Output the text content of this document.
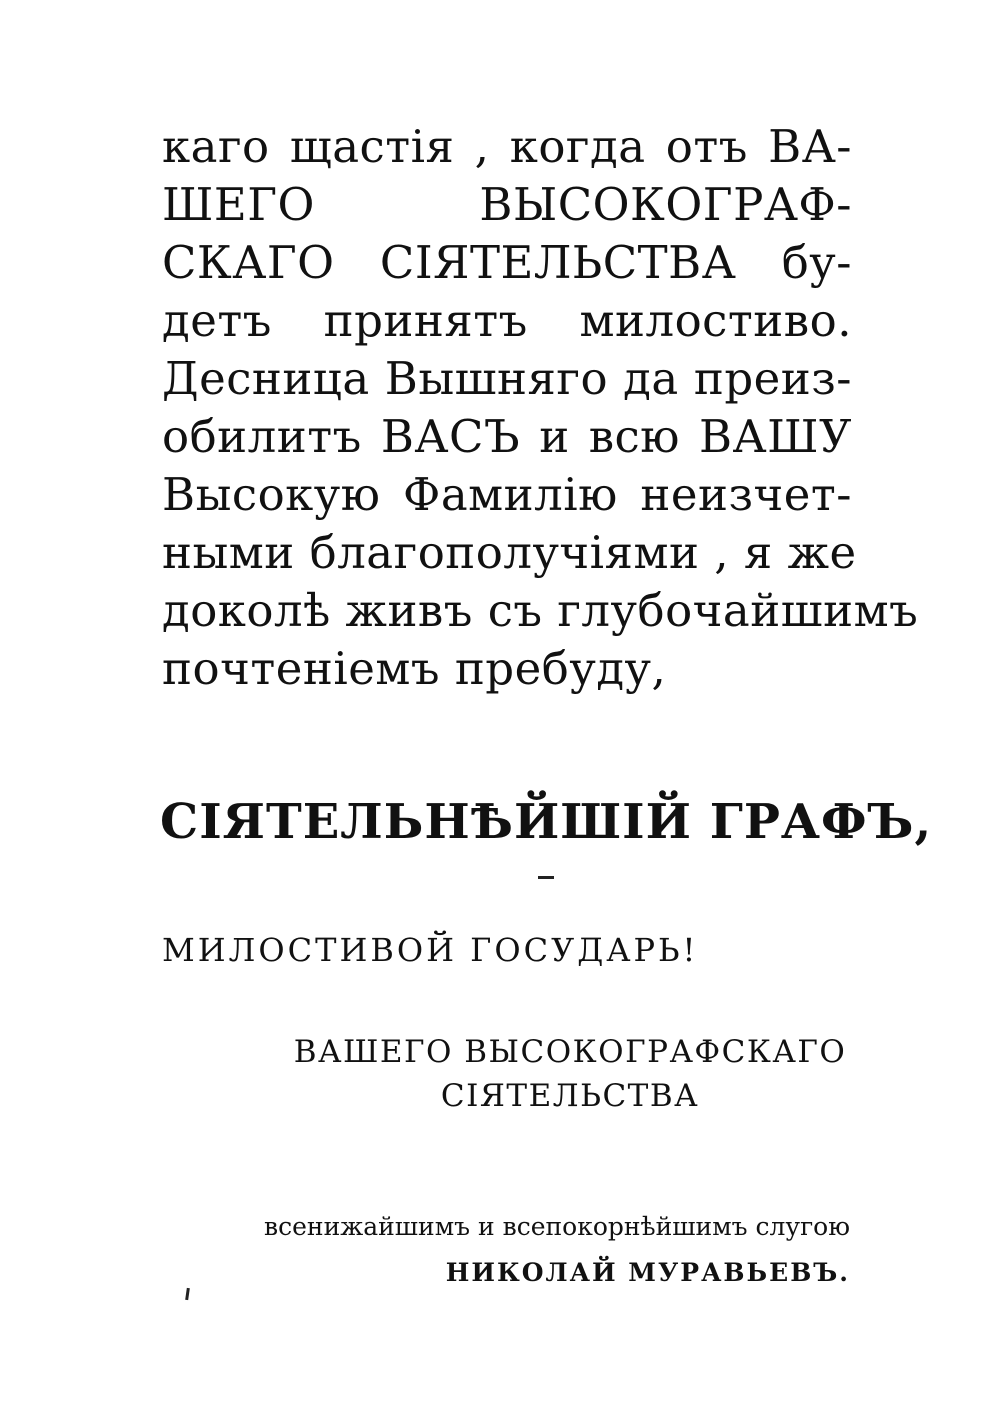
каго щастія , когда отъ ВА-
ШЕГО ВЫСОКОГРАФ-
СКАГО СІЯТЕЛЬСТВА бу-
детъ принятъ милостиво.
Десница Вышняго да преиз-
обилитъ ВАСЪ и всю ВАШУ
Высокую Фамилію неизчет-
ными благополучіями , я же
доколѣ живъ съ глубочайшимъ
почтеніемъ пребуду,
СІЯТЕЛЬНѢЙШІЙ ГРАФЪ,
МИЛОСТИВОЙ ГОСУДАРЬ!
ВАШЕГО ВЫСОКОГРАФСКАГО
СІЯТЕЛЬСТВА
всенижайшимъ и всепокорнѣйшимъ слугою
НИКОЛАЙ МУРАВЬЕВЪ.
